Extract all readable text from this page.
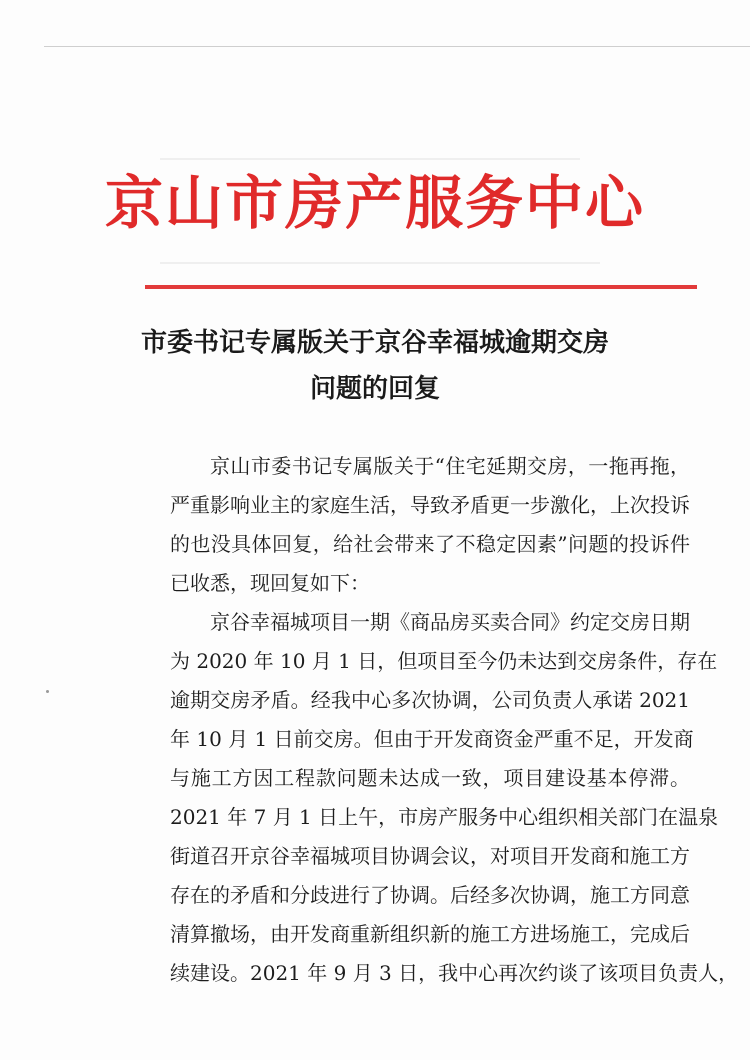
京山市房产服务中心
市委书记专属版关于京谷幸福城逾期交房
问题的回复
京山市委书记专属版关于“住宅延期交房，一拖再拖，
严重影响业主的家庭生活，导致矛盾更一步激化，上次投诉
的也没具体回复，给社会带来了不稳定因素”问题的投诉件
已收悉，现回复如下：
京谷幸福城项目一期《商品房买卖合同》约定交房日期
为 2020 年 10 月 1 日，但项目至今仍未达到交房条件，存在
逾期交房矛盾。经我中心多次协调，公司负责人承诺 2021
年 10 月 1 日前交房。但由于开发商资金严重不足，开发商
与施工方因工程款问题未达成一致，项目建设基本停滞。
2021 年 7 月 1 日上午，市房产服务中心组织相关部门在温泉
街道召开京谷幸福城项目协调会议，对项目开发商和施工方
存在的矛盾和分歧进行了协调。后经多次协调，施工方同意
清算撤场，由开发商重新组织新的施工方进场施工，完成后
续建设。2021 年 9 月 3 日，我中心再次约谈了该项目负责人，
